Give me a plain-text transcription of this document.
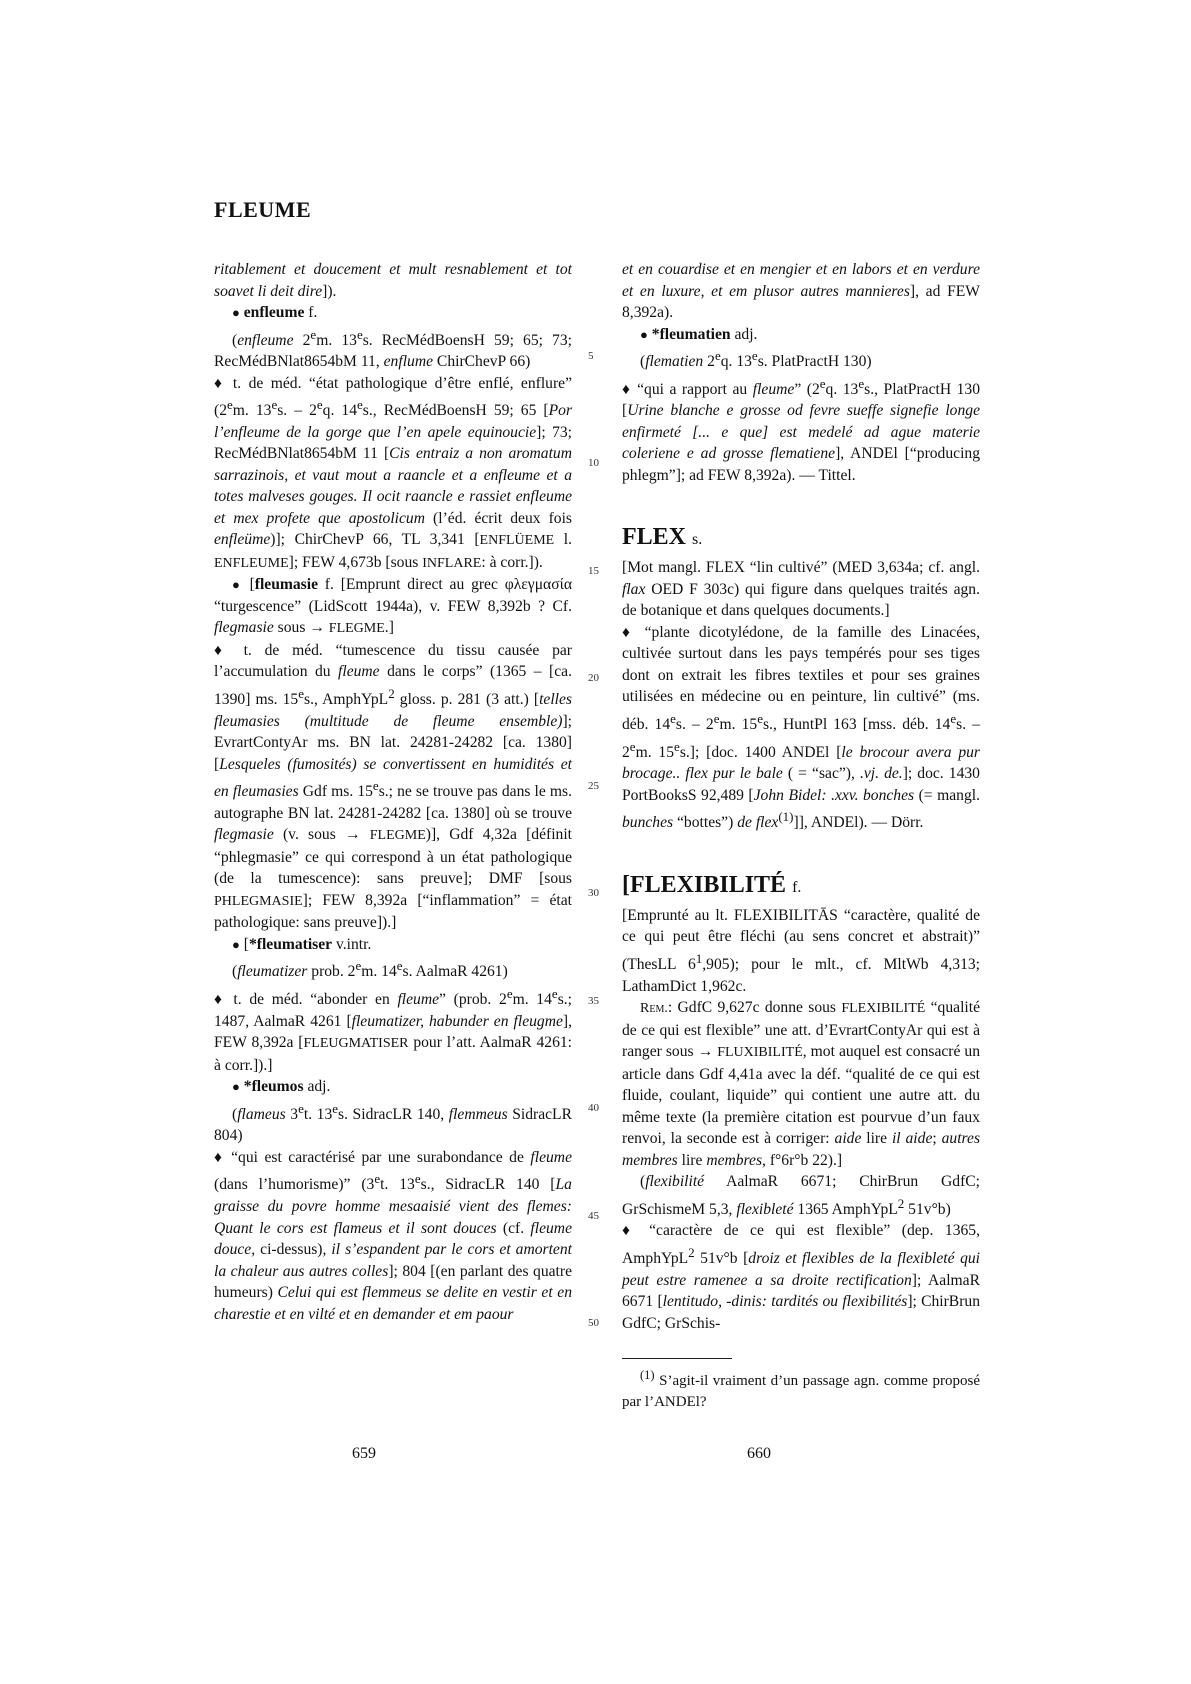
FLEUME

ritablement et doucement et mult resnablement et tot soavet li deit dire]).

● enfleume f.

(enfleume 2em. 13es. RecMédBoensH 59; 65; 73; RecMédBNlat8654bM 11, enflume ChirChevP 66)

♦ t. de méd. “état pathologique d’être enflé, enflure” (2em. 13es. – 2eq. 14es., RecMédBoensH 59; 65 [Por l’enfleume de la gorge que l’en apele equinoucie]; 73; RecMédBNlat8654bM 11 [Cis entraiz a non aromatum sarrazinois, et vaut mout a raancle et a enfleume et a totes malveses gouges. Il ocit raancle e rassiet enfleume et mex profete que apostolicum (l’éd. écrit deux fois enfleüme)]; ChirChevP 66, TL 3,341 [ENFLÜEME l. ENFLEUME]; FEW 4,673b [sous INFLARE: à corr.]).

● [fleumasie f. [Emprunt direct au grec φλεγμασία “turgescence” (LidScott 1944a), v. FEW 8,392b ? Cf. flegmasie sous → FLEGME.]

♦ t. de méd. “tumescence du tissu causée par l’accumulation du fleume dans le corps” (1365 – [ca. 1390] ms. 15es., AmphYpL$^2$ gloss. p. 281 (3 att.) [telles fleumasies (multitude de fleume ensemble)]; EvrartContyAr ms. BN lat. 24281-24282 [ca. 1380] [Lesqueles (fumosités) se convertissent en humidités et en fleumasies Gdf ms. 15es.; ne se trouve pas dans le ms. autographe BN lat. 24281-24282 [ca. 1380] où se trouve flegmasie (v. sous → FLEGME)], Gdf 4,32a [définit “phlegmasie” ce qui correspond à un état pathologique (de la tumescence): sans preuve]; DMF [sous PHLEGMASIE]; FEW 8,392a [“inflammation” = état pathologique: sans preuve]).]

● [*fleumatiser v.intr.

(fleumatizer prob. 2em. 14es. AalmaR 4261)

♦ t. de méd. “abonder en fleume” (prob. 2em. 14es.; 1487, AalmaR 4261 [fleumatizer, habunder en fleugme], FEW 8,392a [FLEUGMATISER pour l’att. AalmaR 4261: à corr.]).]

● *fleumos adj.

(flameus 3et. 13es. SidracLR 140, flemmeus SidracLR 804)

♦ “qui est caractérisé par une surabondance de fleume (dans l’humorisme)” (3et. 13es., SidracLR 140 [La graisse du povre homme mesaaisié vient des flemes: Quant le cors est flameus et il sont douces (cf. fleume douce, ci-dessus), il s’espandent par le cors et amortent la chaleur aus autres colles]; 804 [(en parlant des quatre humeurs) Celui qui est flemmeus se delite en vestir et en charestie et en vilté et en demander et em paour

5
10
15
20
25
30
35
40
45
50

et en couardise et en mengier et en labors et en verdure et en luxure, et em plusor autres mannieres], ad FEW 8,392a).

● *fleumatien adj.

(flematien 2eq. 13es. PlatPractH 130)

♦ “qui a rapport au fleume” (2eq. 13es., PlatPractH 130 [Urine blanche e grosse od fevre sueffe signefie longe enfirmeté [... e que] est medelé ad ague materie coleriene e ad grosse flematiene], ANDEl [“producing phlegm”]; ad FEW 8,392a). — Tittel.

FLEX s.

[Mot mangl. FLEX “lin cultivé” (MED 3,634a; cf. angl. flax OED F 303c) qui figure dans quelques traités agn. de botanique et dans quelques documents.]

♦ “plante dicotylédone, de la famille des Linacées, cultivée surtout dans les pays tempérés pour ses tiges dont on extrait les fibres textiles et pour ses graines utilisées en médecine ou en peinture, lin cultivé” (ms. déb. 14es. – 2em. 15es., HuntPl 163 [mss. déb. 14es. – 2em. 15es.]; [doc. 1400 ANDEl [le brocour avera pur brocage.. flex pur le bale ( = “sac”), .vj. de.]; doc. 1430 PortBooksS 92,489 [John Bidel: .xxv. bonches (= mangl. bunches “bottes”) de flex$^{(1)}$]], ANDEl). — Dörr.

[FLEXIBILITÉ f.

[Emprunté au lt. FLEXIBILITĀS “caractère, qualité de ce qui peut être fléchi (au sens concret et abstrait)” (ThesLL $6^1,905$); pour le mlt., cf. MltWb 4,313; LathamDict 1,962c.

Rem.: GdfC 9,627c donne sous FLEXIBILITÉ “qualité de ce qui est flexible” une att. d’EvrartContyAr qui est à ranger sous → FLUXIBILITÉ, mot auquel est consacré un article dans Gdf 4,41a avec la déf. “qualité de ce qui est fluide, coulant, liquide” qui contient une autre att. du même texte (la première citation est pourvue d’un faux renvoi, la seconde est à corriger: aide lire il aide; autres membres lire membres, f°6r°b 22).]

(flexibilité AalmaR 6671; ChirBrun GdfC; GrSchismeM 5,3, flexibleté 1365 AmphYpL$^2$ 51v°b)

♦ “caractère de ce qui est flexible” (dep. 1365, AmphYpL$^2$ 51v°b [droiz et flexibles de la flexibleté qui peut estre ramenee a sa droite rectification]; AalmaR 6671 [lentitudo, -dinis: tardités ou flexibilités]; ChirBrun GdfC; GrSchis-

$^{(1)}$ S’agit-il vraiment d’un passage agn. comme proposé par l’ANDEl?

659	660
